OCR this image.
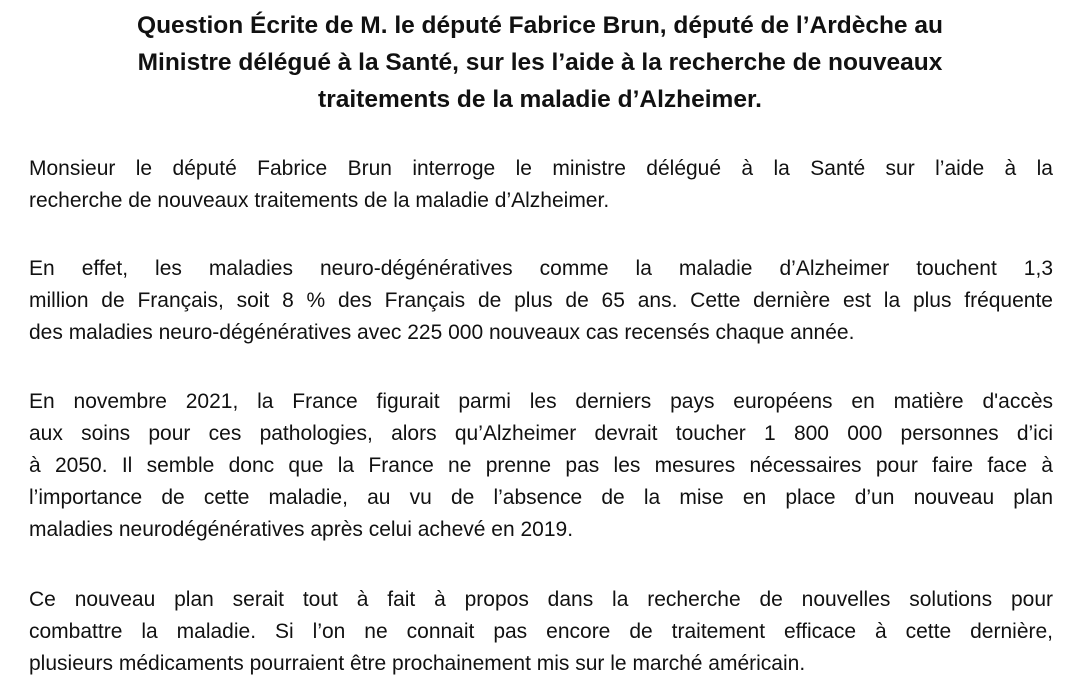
Question Écrite de M. le député Fabrice Brun, député de l’Ardèche au
Ministre délégué à la Santé, sur les l’aide à la recherche de nouveaux
traitements de la maladie d’Alzheimer.
Monsieur le député Fabrice Brun interroge le ministre délégué à la Santé sur l’aide à la
recherche de nouveaux traitements de la maladie d’Alzheimer.
En effet, les maladies neuro-dégénératives comme la maladie d’Alzheimer touchent 1,3
million de Français, soit 8 % des Français de plus de 65 ans. Cette dernière est la plus fréquente
des maladies neuro-dégénératives avec 225 000 nouveaux cas recensés chaque année.
En novembre 2021, la France figurait parmi les derniers pays européens en matière d'accès
aux soins pour ces pathologies, alors qu’Alzheimer devrait toucher 1 800 000 personnes d’ici
à 2050. Il semble donc que la France ne prenne pas les mesures nécessaires pour faire face à
l’importance de cette maladie, au vu de l’absence de la mise en place d’un nouveau plan
maladies neurodégénératives après celui achevé en 2019.
Ce nouveau plan serait tout à fait à propos dans la recherche de nouvelles solutions pour
combattre la maladie. Si l’on ne connait pas encore de traitement efficace à cette dernière,
plusieurs médicaments pourraient être prochainement mis sur le marché américain.
